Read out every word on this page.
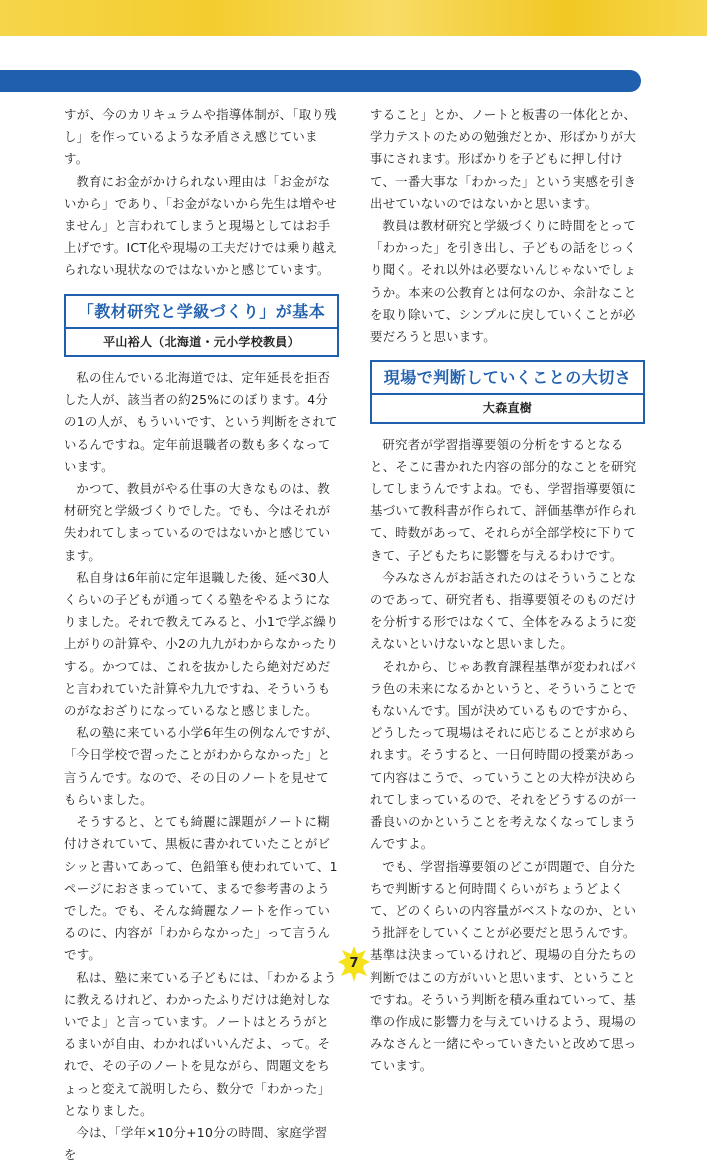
すが、今のカリキュラムや指導体制が、「取り残し」を作っているような矛盾さえ感じています。

教育にお金がかけられない理由は「お金がないから」であり、「お金がないから先生は増やせません」と言われてしまうと現場としてはお手上げです。ICT化や現場の工夫だけでは乗り越えられない現状なのではないかと感じています。

「教材研究と学級づくり」が基本
平山裕人（北海道・元小学校教員）

私の住んでいる北海道では、定年延長を拒否した人が、該当者の約25%にのぼります。4分の1の人が、もういいです、という判断をされているんですね。定年前退職者の数も多くなっています。

かつて、教員がやる仕事の大きなものは、教材研究と学級づくりでした。でも、今はそれが失われてしまっているのではないかと感じています。

私自身は6年前に定年退職した後、延べ30人くらいの子どもが通ってくる塾をやるようになりました。それで教えてみると、小1で学ぶ繰り上がりの計算や、小2の九九がわからなかったりする。かつては、これを抜かしたら絶対だめだと言われていた計算や九九ですね、そういうものがなおざりになっているなと感じました。

私の塾に来ている小学6年生の例なんですが、「今日学校で習ったことがわからなかった」と言うんです。なので、その日のノートを見せてもらいました。

そうすると、とても綺麗に課題がノートに糊付けされていて、黒板に書かれていたことがビシッと書いてあって、色鉛筆も使われていて、1ページにおさまっていて、まるで参考書のようでした。でも、そんな綺麗なノートを作っているのに、内容が「わからなかった」って言うんです。

私は、塾に来ている子どもには、「わかるように教えるけれど、わかったふりだけは絶対しないでよ」と言っています。ノートはとろうがとるまいが自由、わかればいいんだよ、って。それで、その子のノートを見ながら、問題文をちょっと変えて説明したら、数分で「わかった」となりました。

今は、「学年×10分+10分の時間、家庭学習を

すること」とか、ノートと板書の一体化とか、学力テストのための勉強だとか、形ばかりが大事にされます。形ばかりを子どもに押し付けて、一番大事な「わかった」という実感を引き出せていないのではないかと思います。

教員は教材研究と学級づくりに時間をとって「わかった」を引き出し、子どもの話をじっくり聞く。それ以外は必要ないんじゃないでしょうか。本来の公教育とは何なのか、余計なことを取り除いて、シンプルに戻していくことが必要だろうと思います。

現場で判断していくことの大切さ
大森直樹

研究者が学習指導要領の分析をするとなると、そこに書かれた内容の部分的なことを研究してしまうんですよね。でも、学習指導要領に基づいて教科書が作られて、評価基準が作られて、時数があって、それらが全部学校に下りてきて、子どもたちに影響を与えるわけです。

今みなさんがお話されたのはそういうことなのであって、研究者も、指導要領そのものだけを分析する形ではなくて、全体をみるように変えないといけないなと思いました。

それから、じゃあ教育課程基準が変わればバラ色の未来になるかというと、そういうことでもないんです。国が決めているものですから、どうしたって現場はそれに応じることが求められます。そうすると、一日何時間の授業があって内容はこうで、っていうことの大枠が決められてしまっているので、それをどうするのが一番良いのかということを考えなくなってしまうんですよ。

でも、学習指導要領のどこが問題で、自分たちで判断すると何時間くらいがちょうどよくて、どのくらいの内容量がベストなのか、という批評をしていくことが必要だと思うんです。基準は決まっているけれど、現場の自分たちの判断ではこの方がいいと思います、ということですね。そういう判断を積み重ねていって、基準の作成に影響力を与えていけるよう、現場のみなさんと一緒にやっていきたいと改めて思っています。

7
